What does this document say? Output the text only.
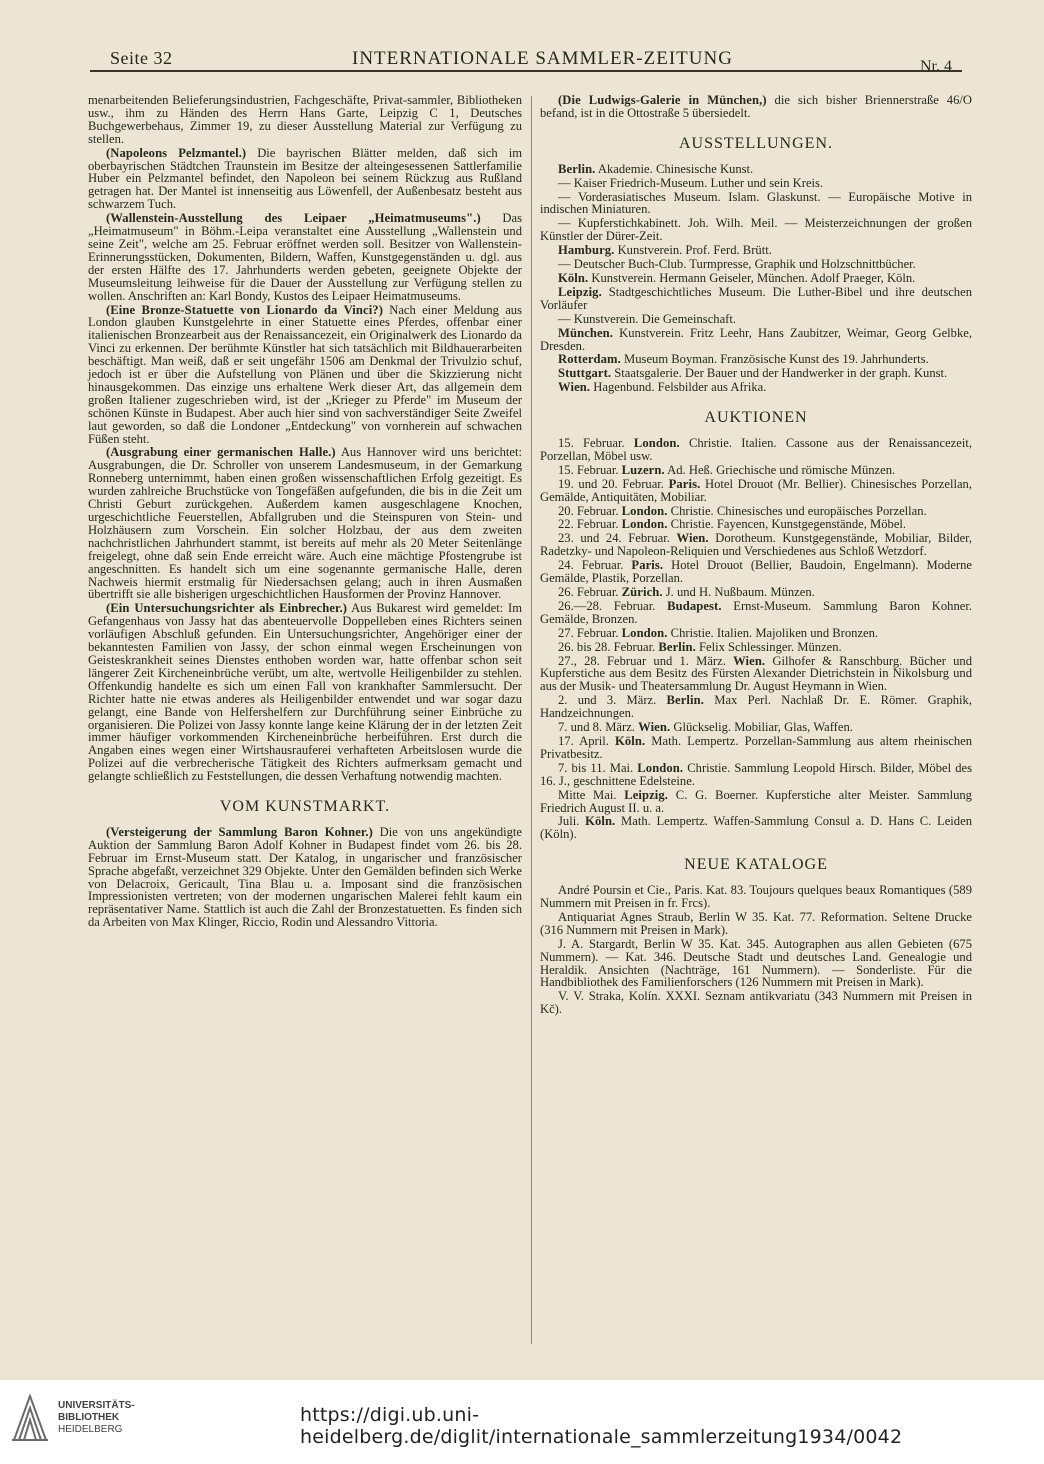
Seite 32	INTERNATIONALE SAMMLER-ZEITUNG	Nr. 4

menarbeitenden Belieferungsindustrien, Fachgeschäfte, Privat-sammler, Bibliotheken usw., ihm zu Händen des Herrn Hans Garte, Leipzig C 1, Deutsches Buchgewerbehaus, Zimmer 19, zu dieser Ausstellung Material zur Verfügung zu stellen.

(Napoleons Pelzmantel.) Die bayrischen Blätter melden, daß sich im oberbayrischen Städtchen Traunstein im Besitze der alteingesessenen Sattlerfamilie Huber ein Pelzmantel befindet, den Napoleon bei seinem Rückzug aus Rußland getragen hat. Der Mantel ist innenseitig aus Löwenfell, der Außenbesatz besteht aus schwarzem Tuch.

(Wallenstein-Ausstellung des Leipaer „Heimatmuseums".) Das „Heimatmuseum" in Böhm.-Leipa veranstaltet eine Ausstellung „Wallenstein und seine Zeit", welche am 25. Februar eröffnet werden soll. Besitzer von Wallenstein-Erinnerungsstücken, Dokumenten, Bildern, Waffen, Kunstgegenständen u. dgl. aus der ersten Hälfte des 17. Jahrhunderts werden gebeten, geeignete Objekte der Museumsleitung leihweise für die Dauer der Ausstellung zur Verfügung stellen zu wollen. Anschriften an: Karl Bondy, Kustos des Leipaer Heimatmuseums.

(Eine Bronze-Statuette von Lionardo da Vinci?) Nach einer Meldung aus London glauben Kunstgelehrte in einer Statuette eines Pferdes, offenbar einer italienischen Bronzearbeit aus der Renaissancezeit, ein Originalwerk des Lionardo da Vinci zu erkennen. Der berühmte Künstler hat sich tatsächlich mit Bildhauerarbeiten beschäftigt. Man weiß, daß er seit ungefähr 1506 am Denkmal der Trivulzio schuf, jedoch ist er über die Aufstellung von Plänen und über die Skizzierung nicht hinausgekommen. Das einzige uns erhaltene Werk dieser Art, das allgemein dem großen Italiener zugeschrieben wird, ist der „Krieger zu Pferde" im Museum der schönen Künste in Budapest. Aber auch hier sind von sachverständiger Seite Zweifel laut geworden, so daß die Londoner „Entdeckung" von vornherein auf schwachen Füßen steht.

(Ausgrabung einer germanischen Halle.) Aus Hannover wird uns berichtet: Ausgrabungen, die Dr. Schroller von unserem Landesmuseum, in der Gemarkung Ronneberg unternimmt, haben einen großen wissenschaftlichen Erfolg gezeitigt. Es wurden zahlreiche Bruchstücke von Tongefäßen aufgefunden, die bis in die Zeit um Christi Geburt zurückgehen. Außerdem kamen ausgeschlagene Knochen, urgeschichtliche Feuerstellen, Abfallgruben und die Steinspuren von Stein- und Holzhäusern zum Vorschein. Ein solcher Holzbau, der aus dem zweiten nachchristlichen Jahrhundert stammt, ist bereits auf mehr als 20 Meter Seitenlänge freigelegt, ohne daß sein Ende erreicht wäre. Auch eine mächtige Pfostengrube ist angeschnitten. Es handelt sich um eine sogenannte germanische Halle, deren Nachweis hiermit erstmalig für Niedersachsen gelang; auch in ihren Ausmaßen übertrifft sie alle bisherigen urgeschichtlichen Hausformen der Provinz Hannover.

(Ein Untersuchungsrichter als Einbrecher.) Aus Bukarest wird gemeldet: Im Gefangenhaus von Jassy hat das abenteuervolle Doppelleben eines Richters seinen vorläufigen Abschluß gefunden. Ein Untersuchungsrichter, Angehöriger einer der bekanntesten Familien von Jassy, der schon einmal wegen Erscheinungen von Geisteskrankheit seines Dienstes enthoben worden war, hatte offenbar schon seit längerer Zeit Kircheneinbrüche verübt, um alte, wertvolle Heiligenbilder zu stehlen. Offenkundig handelte es sich um einen Fall von krankhafter Sammlersucht. Der Richter hatte nie etwas anderes als Heiligenbilder entwendet und war sogar dazu gelangt, eine Bande von Helfershelfern zur Durchführung seiner Einbrüche zu organisieren. Die Polizei von Jassy konnte lange keine Klärung der in der letzten Zeit immer häufiger vorkommenden Kircheneinbrüche herbeiführen. Erst durch die Angaben eines wegen einer Wirtshausrauferei verhafteten Arbeitslosen wurde die Polizei auf die verbrecherische Tätigkeit des Richters aufmerksam gemacht und gelangte schließlich zu Feststellungen, die dessen Verhaftung notwendig machten.

VOM KUNSTMARKT.

(Versteigerung der Sammlung Baron Kohner.) Die von uns angekündigte Auktion der Sammlung Baron Adolf Kohner in Budapest findet vom 26. bis 28. Februar im Ernst-Museum statt. Der Katalog, in ungarischer und französischer Sprache abgefaßt, verzeichnet 329 Objekte. Unter den Gemälden befinden sich Werke von Delacroix, Gericault, Tina Blau u. a. Imposant sind die französischen Impressionisten vertreten; von der modernen ungarischen Malerei fehlt kaum ein repräsentativer Name. Stattlich ist auch die Zahl der Bronzestatuetten. Es finden sich da Arbeiten von Max Klinger, Riccio, Rodin und Alessandro Vittoria.

(Die Ludwigs-Galerie in München,) die sich bisher Briennerstraße 46/O befand, ist in die Ottostraße 5 übersiedelt.

AUSSTELLUNGEN.

Berlin. Akademie. Chinesische Kunst.

— Kaiser Friedrich-Museum. Luther und sein Kreis.

— Vorderasiatisches Museum. Islam. Glaskunst. — Europäische Motive in indischen Miniaturen.

— Kupferstichkabinett. Joh. Wilh. Meil. — Meisterzeichnungen der großen Künstler der Dürer-Zeit.

Hamburg. Kunstverein. Prof. Ferd. Brütt.

— Deutscher Buch-Club. Turmpresse, Graphik und Holzschnittbücher.

Köln. Kunstverein. Hermann Geiseler, München. Adolf Praeger, Köln.

Leipzig. Stadtgeschichtliches Museum. Die Luther-Bibel und ihre deutschen Vorläufer

— Kunstverein. Die Gemeinschaft.

München. Kunstverein. Fritz Leehr, Hans Zaubitzer, Weimar, Georg Gelbke, Dresden.

Rotterdam. Museum Boyman. Französische Kunst des 19. Jahrhunderts.

Stuttgart. Staatsgalerie. Der Bauer und der Handwerker in der graph. Kunst.

Wien. Hagenbund. Felsbilder aus Afrika.

AUKTIONEN

15. Februar. London. Christie. Italien. Cassone aus der Renaissancezeit, Porzellan, Möbel usw.

15. Februar. Luzern. Ad. Heß. Griechische und römische Münzen.

19. und 20. Februar. Paris. Hotel Drouot (Mr. Bellier). Chinesisches Porzellan, Gemälde, Antiquitäten, Mobiliar.

20. Februar. London. Christie. Chinesisches und europäisches Porzellan.

22. Februar. London. Christie. Fayencen, Kunstgegenstände, Möbel.

23. und 24. Februar. Wien. Dorotheum. Kunstgegenstände, Mobiliar, Bilder, Radetzky- und Napoleon-Reliquien und Verschiedenes aus Schloß Wetzdorf.

24. Februar. Paris. Hotel Drouot (Bellier, Baudoin, Engelmann). Moderne Gemälde, Plastik, Porzellan.

26. Februar. Zürich. J. und H. Nußbaum. Münzen.

26.—28. Februar. Budapest. Ernst-Museum. Sammlung Baron Kohner. Gemälde, Bronzen.

27. Februar. London. Christie. Italien. Majoliken und Bronzen.

26. bis 28. Februar. Berlin. Felix Schlessinger. Münzen.

27., 28. Februar und 1. März. Wien. Gilhofer & Ranschburg. Bücher und Kupferstiche aus dem Besitz des Fürsten Alexander Dietrichstein in Nikolsburg und aus der Musik- und Theatersammlung Dr. August Heymann in Wien.

2. und 3. März. Berlin. Max Perl. Nachlaß Dr. E. Römer. Graphik, Handzeichnungen.

7. und 8. März. Wien. Glückselig. Mobiliar, Glas, Waffen.

17. April. Köln. Math. Lempertz. Porzellan-Sammlung aus altem rheinischen Privatbesitz.

7. bis 11. Mai. London. Christie. Sammlung Leopold Hirsch. Bilder, Möbel des 16. J., geschnittene Edelsteine.

Mitte Mai. Leipzig. C. G. Boerner. Kupferstiche alter Meister. Sammlung Friedrich August II. u. a.

Juli. Köln. Math. Lempertz. Waffen-Sammlung Consul a. D. Hans C. Leiden (Köln).

NEUE KATALOGE

André Poursin et Cie., Paris. Kat. 83. Toujours quelques beaux Romantiques (589 Nummern mit Preisen in fr. Frcs).

Antiquariat Agnes Straub, Berlin W 35. Kat. 77. Reformation. Seltene Drucke (316 Nummern mit Preisen in Mark).

J. A. Stargardt, Berlin W 35. Kat. 345. Autographen aus allen Gebieten (675 Nummern). — Kat. 346. Deutsche Stadt und deutsches Land. Genealogie und Heraldik. Ansichten (Nachträge, 161 Nummern). — Sonderliste. Für die Handbibliothek des Familienforschers (126 Nummern mit Preisen in Mark).

V. V. Straka, Kolín. XXXI. Seznam antikvariatu (343 Nummern mit Preisen in Kč).

UNIVERSITÄTS-
BIBLIOTHEK
HEIDELBERG
https://digi.ub.uni-heidelberg.de/diglit/internationale_sammlerzeitung1934/0042
